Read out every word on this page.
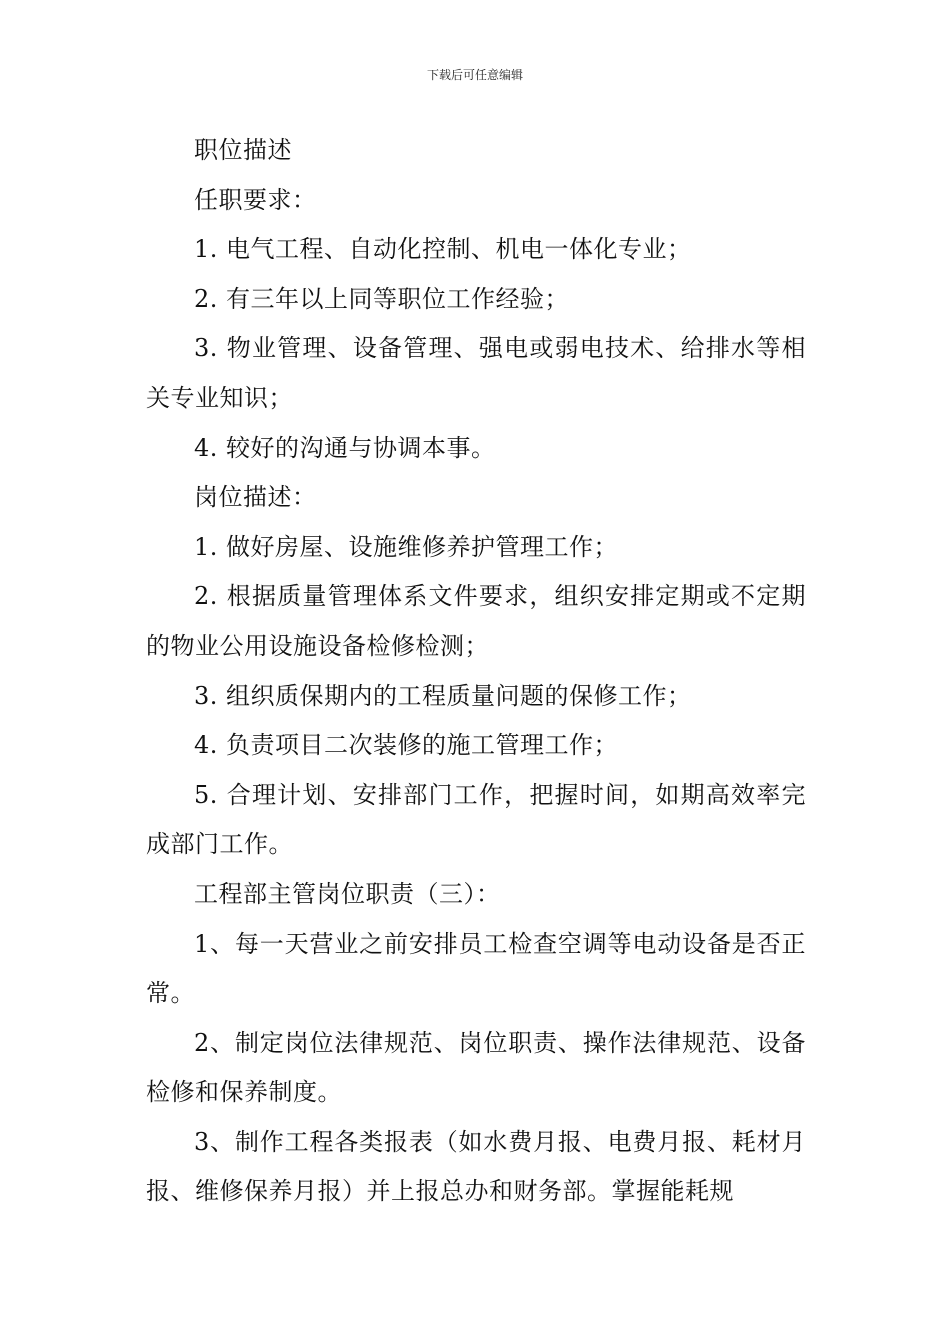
下载后可任意编辑

职位描述

任职要求：

1. 电气工程、自动化控制、机电一体化专业；

2. 有三年以上同等职位工作经验；

3. 物业管理、设备管理、强电或弱电技术、给排水等相关专业知识；

4. 较好的沟通与协调本事。

岗位描述：

1. 做好房屋、设施维修养护管理工作；

2. 根据质量管理体系文件要求，组织安排定期或不定期的物业公用设施设备检修检测；

3. 组织质保期内的工程质量问题的保修工作；

4. 负责项目二次装修的施工管理工作；

5. 合理计划、安排部门工作，把握时间，如期高效率完成部门工作。

工程部主管岗位职责（三）：

1、每一天营业之前安排员工检查空调等电动设备是否正常。

2、制定岗位法律规范、岗位职责、操作法律规范、设备检修和保养制度。

3、制作工程各类报表（如水费月报、电费月报、耗材月报、维修保养月报）并上报总办和财务部。掌握能耗规
